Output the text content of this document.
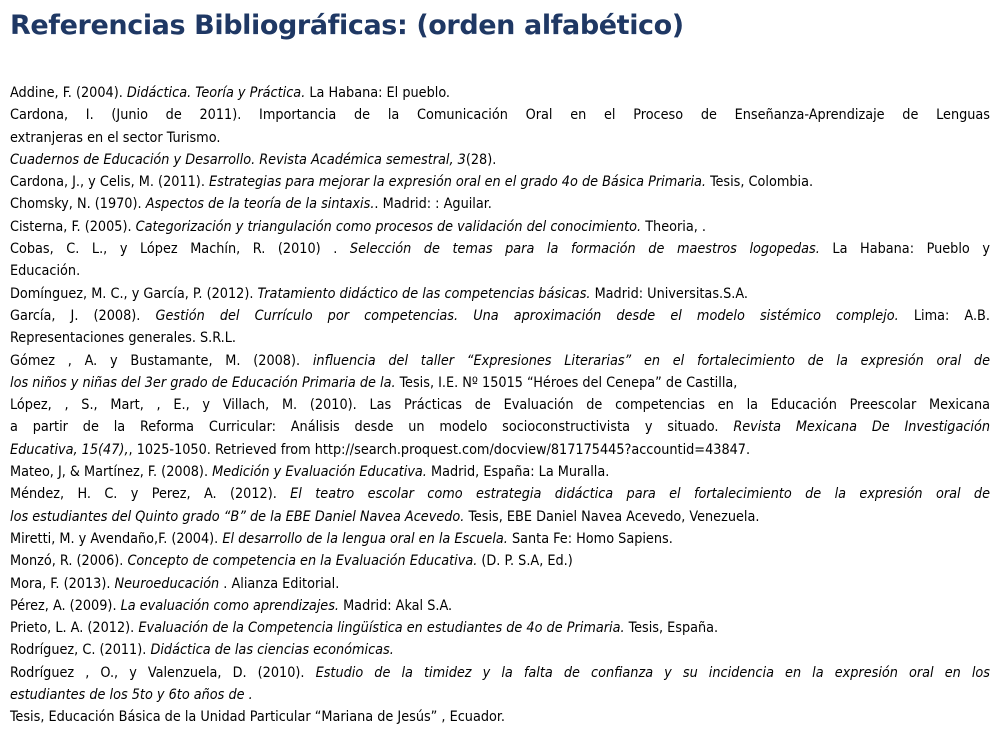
Referencias Bibliográficas: (orden alfabético)
Addine, F. (2004). Didáctica. Teoría y Práctica. La Habana: El pueblo.
Cardona, I. (Junio de 2011). Importancia de la Comunicación Oral en el Proceso de Enseñanza-Aprendizaje de Lenguas
extranjeras en el sector Turismo.
Cuadernos de Educación y Desarrollo. Revista Académica semestral, 3(28).
Cardona, J., y Celis, M. (2011). Estrategias para mejorar la expresión oral en el grado 4o de Básica Primaria. Tesis, Colombia.
Chomsky, N. (1970). Aspectos de la teoría de la sintaxis.. Madrid: : Aguilar.
Cisterna, F. (2005). Categorización y triangulación como procesos de validación del conocimiento. Theoria, .
Cobas, C. L., y López Machín, R. (2010) . Selección de temas para la formación de maestros logopedas. La Habana: Pueblo y
Educación.
Domínguez, M. C., y García, P. (2012). Tratamiento didáctico de las competencias básicas. Madrid: Universitas.S.A.
García, J. (2008). Gestión del Currículo por competencias. Una aproximación desde el modelo sistémico complejo. Lima: A.B.
Representaciones generales. S.R.L.
Gómez , A. y Bustamante, M. (2008). influencia del taller “Expresiones Literarias” en el fortalecimiento de la expresión oral de
los niños y niñas del 3er grado de Educación Primaria de la. Tesis, I.E. Nº 15015 “Héroes del Cenepa” de Castilla,
López, , S., Mart, , E., y Villach, M. (2010). Las Prácticas de Evaluación de competencias en la Educación Preescolar Mexicana
a partir de la Reforma Curricular: Análisis desde un modelo socioconstructivista y situado. Revista Mexicana De Investigación
Educativa, 15(47),, 1025-1050. Retrieved from http://search.proquest.com/docview/817175445?accountid=43847.
Mateo, J, & Martínez, F. (2008). Medición y Evaluación Educativa. Madrid, España: La Muralla.
Méndez, H. C. y Perez, A. (2012). El teatro escolar como estrategia didáctica para el fortalecimiento de la expresión oral de
los estudiantes del Quinto grado “B” de la EBE Daniel Navea Acevedo. Tesis, EBE Daniel Navea Acevedo, Venezuela.
Miretti, M. y Avendaño,F. (2004). El desarrollo de la lengua oral en la Escuela. Santa Fe: Homo Sapiens.
Monzó, R. (2006). Concepto de competencia en la Evaluación Educativa. (D. P. S.A, Ed.)
Mora, F. (2013). Neuroeducación . Alianza Editorial.
Pérez, A. (2009). La evaluación como aprendizajes. Madrid: Akal S.A.
Prieto, L. A. (2012). Evaluación de la Competencia lingüística en estudiantes de 4o de Primaria. Tesis, España.
Rodríguez, C. (2011). Didáctica de las ciencias económicas.
Rodríguez , O., y Valenzuela, D. (2010). Estudio de la timidez y la falta de confianza y su incidencia en la expresión oral en los
estudiantes de los 5to y 6to años de .
Tesis, Educación Básica de la Unidad Particular “Mariana de Jesús” , Ecuador.
